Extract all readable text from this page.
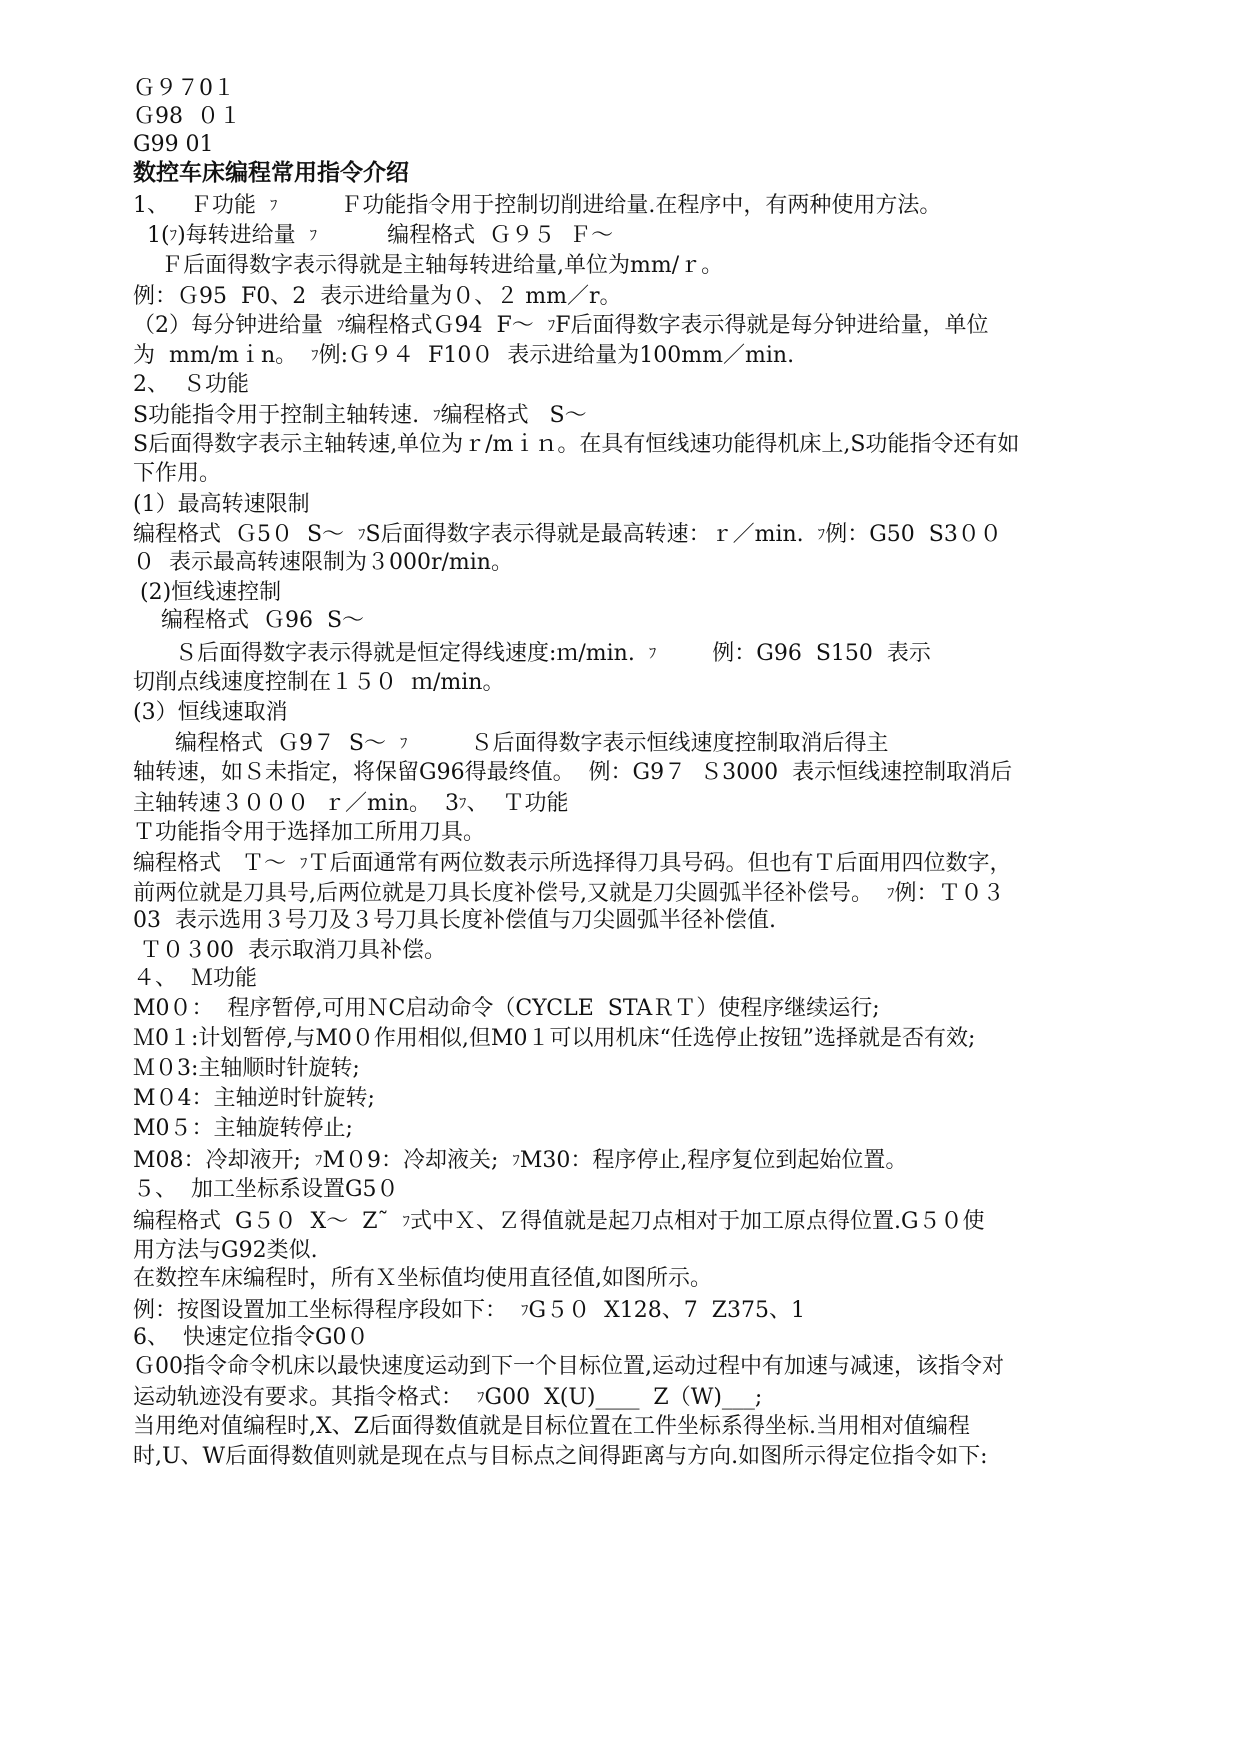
Ｇ９７0１
Ｇ98  ０１
G99 01
数控车床编程常用指令介绍
1、   Ｆ功能  ﾌ         Ｆ功能指令用于控制切削进给量.在程序中，有两种使用方法。
1(ﾌ)每转进给量  ﾌ          编程格式  Ｇ９５  Ｆ～
Ｆ后面得数字表示得就是主轴每转进给量,单位为mm/ｒ。
例：Ｇ95  F0、2  表示进给量为０、２ mm／r。
（2）每分钟进给量  ﾌ编程格式Ｇ94  F～  ﾌF后面得数字表示得就是每分钟进给量，单位
为  mm/mｉn。  ﾌ例:Ｇ９４  F10０  表示进给量为100mm／min.
2、  Ｓ功能
S功能指令用于控制主轴转速.  ﾌ编程格式   S～
S后面得数字表示主轴转速,单位为ｒ/mｉｎ。在具有恒线速功能得机床上,S功能指令还有如
下作用。
(1）最高转速限制
编程格式  Ｇ5０  S～  ﾌS后面得数字表示得就是最高转速：ｒ／min.  ﾌ例：G50  S3００
０  表示最高转速限制为３000r/min。
(2)恒线速控制
编程格式  Ｇ96  S～
Ｓ后面得数字表示得就是恒定得线速度:ｍ/min.  ﾌ        例：G96  S150  表示
切削点线速度控制在１５０  ｍ/min。
(3）恒线速取消
编程格式  Ｇ9７  S～  ﾌ         Ｓ后面得数字表示恒线速度控制取消后得主
轴转速，如Ｓ未指定，将保留G96得最终值。  例：G9７  Ｓ3000  表示恒线速控制取消后
主轴转速３０００  ｒ／min。  3ﾌ、  Ｔ功能
Ｔ功能指令用于选择加工所用刀具。
编程格式   Ｔ～  ﾌＴ后面通常有两位数表示所选择得刀具号码。但也有Ｔ后面用四位数字，
前两位就是刀具号,后两位就是刀具长度补偿号,又就是刀尖圆弧半径补偿号。  ﾌ例：Ｔ０３
03  表示选用３号刀及３号刀具长度补偿值与刀尖圆弧半径补偿值.
Ｔ０３00  表示取消刀具补偿。
４、  Ｍ功能
M0０：  程序暂停,可用ＮC启动命令（CYCLE  STAＲＴ）使程序继续运行;
Ｍ0１:计划暂停,与M0０作用相似,但M0１可以用机床“任选停止按钮”选择就是否有效;
Ｍ０3:主轴顺时针旋转;
M０4：主轴逆时针旋转;
M0５：主轴旋转停止;
M08：冷却液开;  ﾌM０9：冷却液关;  ﾌM30：程序停止,程序复位到起始位置。
５、  加工坐标系设置G5０
编程格式  G５０  X～  Z˜  ﾌ式中Ｘ、Ｚ得值就是起刀点相对于加工原点得位置.G５０使
用方法与G92类似.
在数控车床编程时，所有Ｘ坐标值均使用直径值,如图所示。
例：按图设置加工坐标得程序段如下：  ﾌG５０  X128、7  Z375、1
6、  快速定位指令G0０
Ｇ00指令命令机床以最快速度运动到下一个目标位置,运动过程中有加速与减速，该指令对
运动轨迹没有要求。其指令格式：  ﾌG00  X(U)____  Z（W)___;
当用绝对值编程时,X、Z后面得数值就是目标位置在工件坐标系得坐标.当用相对值编程
时,U、W后面得数值则就是现在点与目标点之间得距离与方向.如图所示得定位指令如下:
